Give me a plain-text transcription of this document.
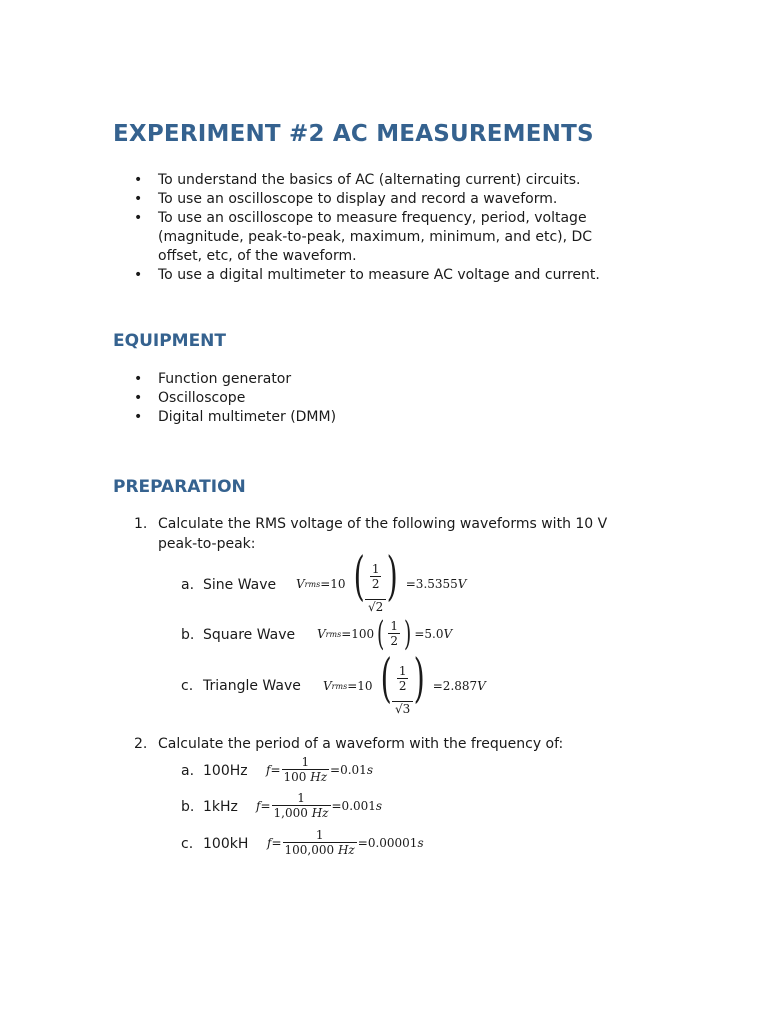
EXPERIMENT #2 AC MEASUREMENTS
• To understand the basics of AC (alternating current) circuits.
• To use an oscilloscope to display and record a waveform.
• To use an oscilloscope to measure frequency, period, voltage (magnitude, peak-to-peak, maximum, minimum, and etc), DC offset, etc, of the waveform.
• To use a digital multimeter to measure AC voltage and current.
EQUIPMENT
• Function generator
• Oscilloscope
• Digital multimeter (DMM)
PREPARATION
1. Calculate the RMS voltage of the following waveforms with 10 V
peak-to-peak:
a. Sine Wave V rms =10 ( $\frac{1}{2}$ )
√ 2 =3.5355 V
b. Square Wave V rms =100 ( $\frac{1}{2}$ ) =5.0 V
c. Triangle Wave V rms =10 ( $\frac{1}{2}$ )
√ 3 =2.887 V
2. Calculate the period of a waveform with the frequency of:
a. 100Hz $f = \frac{1}{100 Hz} =0.01$ s
b. 1kHz $f = \frac{1}{1,000 Hz} =0.001$ s
c. 100kH $f = \frac{1}{100,000 Hz} =0.00001$ s
